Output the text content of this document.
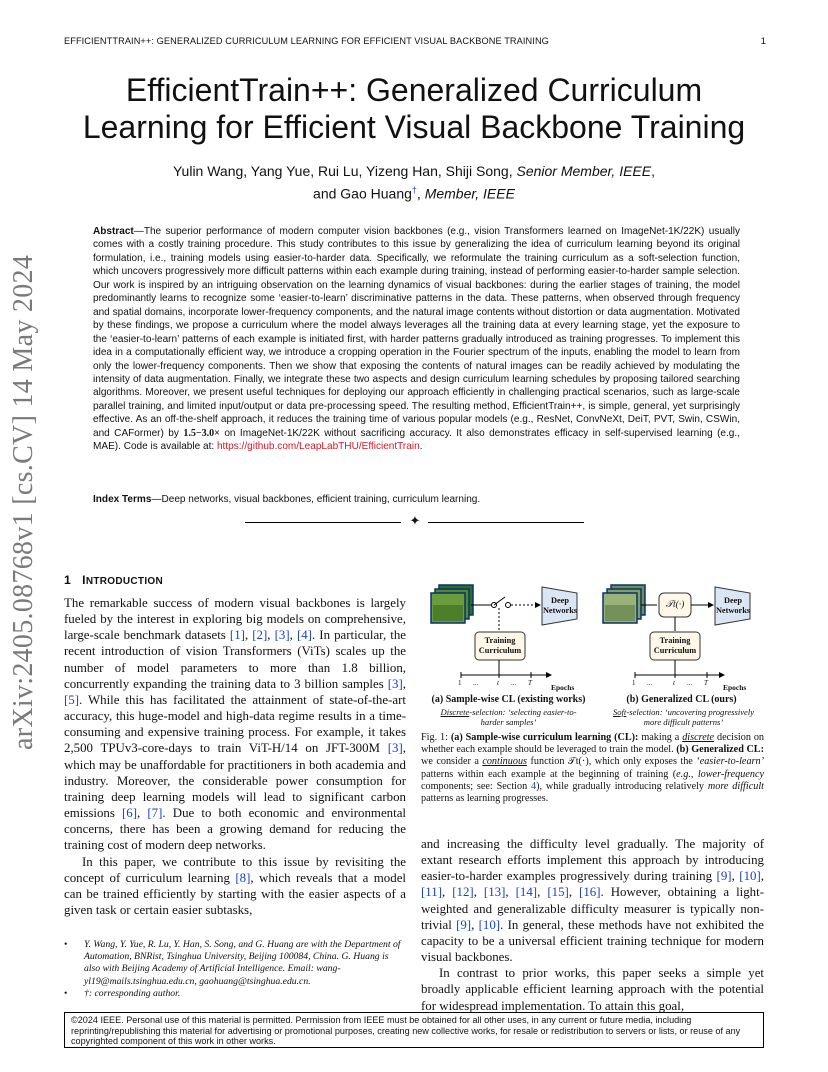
EFFICIENTTRAIN++: GENERALIZED CURRICULUM LEARNING FOR EFFICIENT VISUAL BACKBONE TRAINING	1
arXiv:2405.08768v1 [cs.CV] 14 May 2024
EfficientTrain++: Generalized Curriculum
Learning for Efficient Visual Backbone Training
Yulin Wang, Yang Yue, Rui Lu, Yizeng Han, Shiji Song, Senior Member, IEEE,
and Gao Huang†, Member, IEEE
Abstract—The superior performance of modern computer vision backbones (e.g., vision Transformers learned on ImageNet-1K/22K) usually comes with a costly training procedure. This study contributes to this issue by generalizing the idea of curriculum learning beyond its original formulation, i.e., training models using easier-to-harder data. Specifically, we reformulate the training curriculum as a soft-selection function, which uncovers progressively more difficult patterns within each example during training, instead of performing easier-to-harder sample selection. Our work is inspired by an intriguing observation on the learning dynamics of visual backbones: during the earlier stages of training, the model predominantly learns to recognize some ‘easier-to-learn’ discriminative patterns in the data. These patterns, when observed through frequency and spatial domains, incorporate lower-frequency components, and the natural image contents without distortion or data augmentation. Motivated by these findings, we propose a curriculum where the model always leverages all the training data at every learning stage, yet the exposure to the ‘easier-to-learn’ patterns of each example is initiated first, with harder patterns gradually introduced as training progresses. To implement this idea in a computationally efficient way, we introduce a cropping operation in the Fourier spectrum of the inputs, enabling the model to learn from only the lower-frequency components. Then we show that exposing the contents of natural images can be readily achieved by modulating the intensity of data augmentation. Finally, we integrate these two aspects and design curriculum learning schedules by proposing tailored searching algorithms. Moreover, we present useful techniques for deploying our approach efficiently in challenging practical scenarios, such as large-scale parallel training, and limited input/output or data pre-processing speed. The resulting method, EfficientTrain++, is simple, general, yet surprisingly effective. As an off-the-shelf approach, it reduces the training time of various popular models (e.g., ResNet, ConvNeXt, DeiT, PVT, Swin, CSWin, and CAFormer) by 1.5−3.0× on ImageNet-1K/22K without sacrificing accuracy. It also demonstrates efficacy in self-supervised learning (e.g., MAE). Code is available at: https://github.com/LeapLabTHU/EfficientTrain.
Index Terms—Deep networks, visual backbones, efficient training, curriculum learning.
✦
1 INTRODUCTION
The remarkable success of modern visual backbones is largely fueled by the interest in exploring big models on comprehensive, large-scale benchmark datasets [1], [2], [3], [4]. In particular, the recent introduction of vision Transformers (ViTs) scales up the number of model parameters to more than 1.8 billion, concurrently expanding the training data to 3 billion samples [3], [5]. While this has facilitated the attainment of state-of-the-art accuracy, this huge-model and high-data regime results in a time-consuming and expensive training process. For example, it takes 2,500 TPUv3-core-days to train ViT-H/14 on JFT-300M [3], which may be unaffordable for practitioners in both academia and industry. Moreover, the considerable power consumption for training deep learning models will lead to significant carbon emissions [6], [7]. Due to both economic and environmental concerns, there has been a growing demand for reducing the training cost of modern deep networks.
In this paper, we contribute to this issue by revisiting the concept of curriculum learning [8], which reveals that a model can be trained efficiently by starting with the easier aspects of a given task or certain easier subtasks,
• Y. Wang, Y. Yue, R. Lu, Y. Han, S. Song, and G. Huang are with the Department of Automation, BNRist, Tsinghua University, Beijing 100084, China. G. Huang is also with Beijing Academy of Artificial Intelligence. Email: wang-yl19@mails.tsinghua.edu.cn, gaohuang@tsinghua.edu.cn.
• †: corresponding author.
Deep Networks
Training Curriculum
1 ...	t ... T	Epochs
(a) Sample-wise CL (existing works)
Discrete-selection: ‘selecting easier-to-harder samples’
𝒯t(·)	Deep Networks
Training Curriculum
1 ...	t ... T Epochs
(b) Generalized CL (ours)
Soft-selection: ‘uncovering progressively more difficult patterns’
Fig. 1: (a) Sample-wise curriculum learning (CL): making a discrete decision on whether each example should be leveraged to train the model. (b) Generalized CL: we consider a continuous function 𝒯t(·), which only exposes the ‘easier-to-learn’ patterns within each example at the beginning of training (e.g., lower-frequency components; see: Section 4), while gradually introducing relatively more difficult patterns as learning progresses.
and increasing the difficulty level gradually. The majority of extant research efforts implement this approach by introducing easier-to-harder examples progressively during training [9], [10], [11], [12], [13], [14], [15], [16]. However, obtaining a light-weighted and generalizable difficulty measurer is typically non-trivial [9], [10]. In general, these methods have not exhibited the capacity to be a universal efficient training technique for modern visual backbones.
In contrast to prior works, this paper seeks a simple yet broadly applicable efficient learning approach with the potential for widespread implementation. To attain this goal,
©2024 IEEE. Personal use of this material is permitted. Permission from IEEE must be obtained for all other uses, in any current or future media, including reprinting/republishing this material for advertising or promotional purposes, creating new collective works, for resale or redistribution to servers or lists, or reuse of any copyrighted component of this work in other works.
